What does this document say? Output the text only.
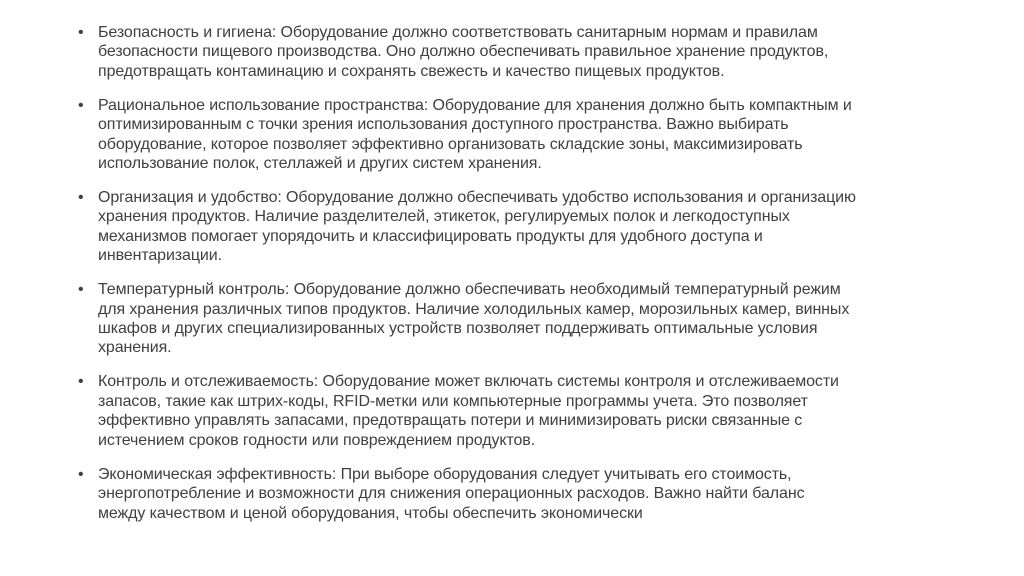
• Безопасность и гигиена: Оборудование должно соответствовать санитарным нормам и правилам
безопасности пищевого производства. Оно должно обеспечивать правильное хранение продуктов,
предотвращать контаминацию и сохранять свежесть и качество пищевых продуктов.
• Рациональное использование пространства: Оборудование для хранения должно быть компактным и
оптимизированным с точки зрения использования доступного пространства. Важно выбирать
оборудование, которое позволяет эффективно организовать складские зоны, максимизировать
использование полок, стеллажей и других систем хранения.
• Организация и удобство: Оборудование должно обеспечивать удобство использования и организацию
хранения продуктов. Наличие разделителей, этикеток, регулируемых полок и легкодоступных
механизмов помогает упорядочить и классифицировать продукты для удобного доступа и
инвентаризации.
• Температурный контроль: Оборудование должно обеспечивать необходимый температурный режим
для хранения различных типов продуктов. Наличие холодильных камер, морозильных камер, винных
шкафов и других специализированных устройств позволяет поддерживать оптимальные условия
хранения.
• Контроль и отслеживаемость: Оборудование может включать системы контроля и отслеживаемости
запасов, такие как штрих-коды, RFID-метки или компьютерные программы учета. Это позволяет
эффективно управлять запасами, предотвращать потери и минимизировать риски связанные с
истечением сроков годности или повреждением продуктов.
• Экономическая эффективность: При выборе оборудования следует учитывать его стоимость,
энергопотребление и возможности для снижения операционных расходов. Важно найти баланс
между качеством и ценой оборудования, чтобы обеспечить экономически
